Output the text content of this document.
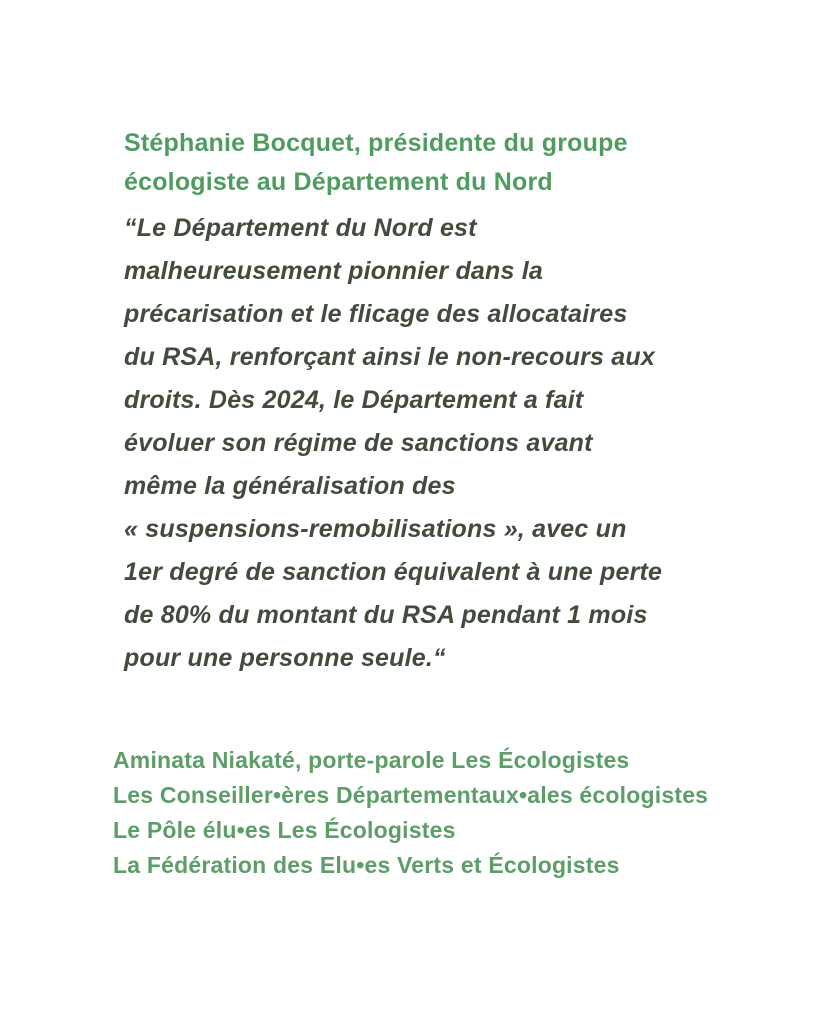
Stéphanie Bocquet, présidente du groupe
écologiste au Département du Nord
“Le Département du Nord est
malheureusement pionnier dans la
précarisation et le flicage des allocataires
du RSA, renforçant ainsi le non-recours aux
droits. Dès 2024, le Département a fait
évoluer son régime de sanctions avant
même la généralisation des
« suspensions-remobilisations », avec un
1er degré de sanction équivalent à une perte
de 80% du montant du RSA pendant 1 mois
pour une personne seule.“
Aminata Niakaté, porte-parole Les Écologistes
Les Conseiller•ères Départementaux•ales écologistes
Le Pôle élu•es Les Écologistes
La Fédération des Elu•es Verts et Écologistes
